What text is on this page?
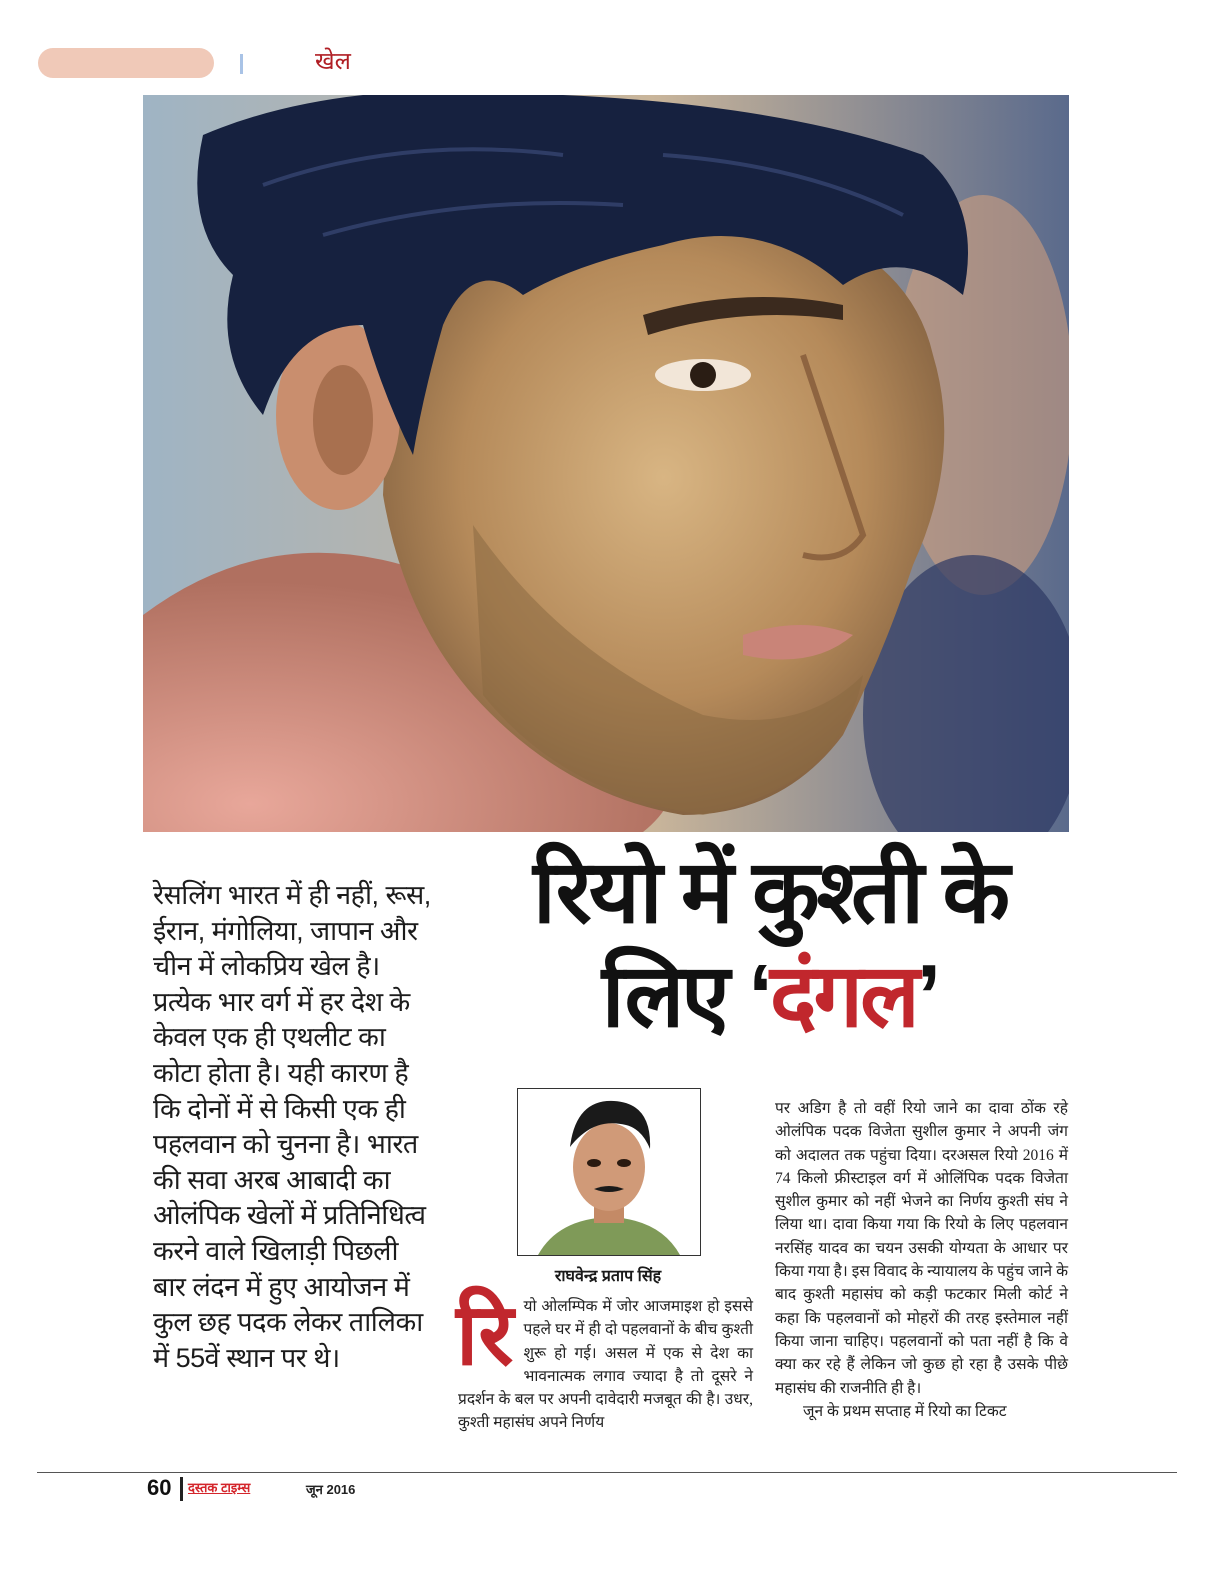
खेल
रेसलिंग भारत में ही नहीं, रूस, ईरान, मंगोलिया, जापान और चीन में लोकप्रिय खेल है। प्रत्येक भार वर्ग में हर देश के केवल एक ही एथलीट का कोटा होता है। यही कारण है कि दोनों में से किसी एक ही पहलवान को चुनना है। भारत की सवा अरब आबादी का ओलंपिक खेलों में प्रतिनिधित्व करने वाले खिलाड़ी पिछली बार लंदन में हुए आयोजन में कुल छह पदक लेकर तालिका में 55वें स्थान पर थे।
रियो में कुश्ती के
लिए ‘दंगल’
राघवेन्द्र प्रताप सिंह
रि यो ओलम्पिक में जोर आजमाइश हो इससे पहले घर में ही दो पहलवानों के बीच कुश्ती शुरू हो गई। असल में एक से देश का भावनात्मक लगाव ज्यादा है तो दूसरे ने प्रदर्शन के बल पर अपनी दावेदारी मजबूत की है। उधर, कुश्ती महासंघ अपने निर्णय

पर अडिग है तो वहीं रियो जाने का दावा ठोंक रहे ओलंपिक पदक विजेता सुशील कुमार ने अपनी जंग को अदालत तक पहुंचा दिया। दरअसल रियो 2016 में 74 किलो फ्रीस्टाइल वर्ग में ओलिंपिक पदक विजेता सुशील कुमार को नहीं भेजने का निर्णय कुश्ती संघ ने लिया था। दावा किया गया कि रियो के लिए पहलवान नरसिंह यादव का चयन उसकी योग्यता के आधार पर किया गया है। इस विवाद के न्यायालय के पहुंच जाने के बाद कुश्ती महासंघ को कड़ी फटकार मिली कोर्ट ने कहा कि पहलवानों को मोहरों की तरह इस्तेमाल नहीं किया जाना चाहिए। पहलवानों को पता नहीं है कि वे क्या कर रहे हैं लेकिन जो कुछ हो रहा है उसके पीछे महासंघ की राजनीति ही है।

जून के प्रथम सप्ताह में रियो का टिकट

60 दस्तक टाइम्स	जून 2016
